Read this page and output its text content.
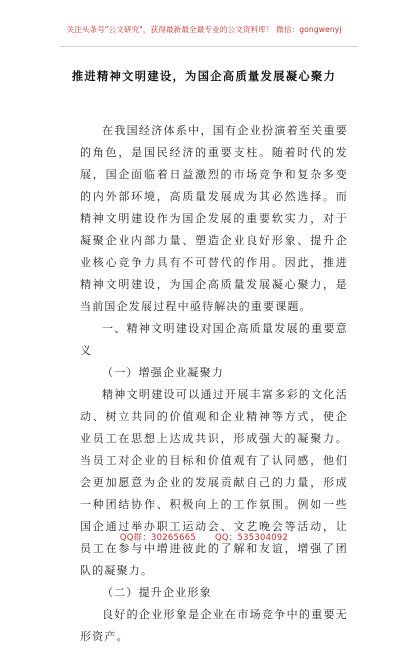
关注头条号"公文研究"，获得最新最全最专业的公文资料库！ 微信：gongwenyj
推进精神文明建设，为国企高质量发展凝心聚力

在我国经济体系中，国有企业扮演着至关重要的角色，是国民经济的重要支柱。随着时代的发展，国企面临着日益激烈的市场竞争和复杂多变的内外部环境，高质量发展成为其必然选择。而精神文明建设作为国企发展的重要软实力，对于凝聚企业内部力量、塑造企业良好形象、提升企业核心竞争力具有不可替代的作用。因此，推进精神文明建设，为国企高质量发展凝心聚力，是当前国企发展过程中亟待解决的重要课题。

一、精神文明建设对国企高质量发展的重要意义

（一）增强企业凝聚力

精神文明建设可以通过开展丰富多彩的文化活动、树立共同的价值观和企业精神等方式，使企业员工在思想上达成共识，形成强大的凝聚力。当员工对企业的目标和价值观有了认同感，他们会更加愿意为企业的发展贡献自己的力量，形成一种团结协作、积极向上的工作氛围。例如一些国企通过举办职工运动会、文艺晚会等活动，让员工在参与中增进彼此的了解和友谊，增强了团队的凝聚力。

（二）提升企业形象

良好的企业形象是企业在市场竞争中的重要无形资产。

QQ群：30265665 QQ：535304092
